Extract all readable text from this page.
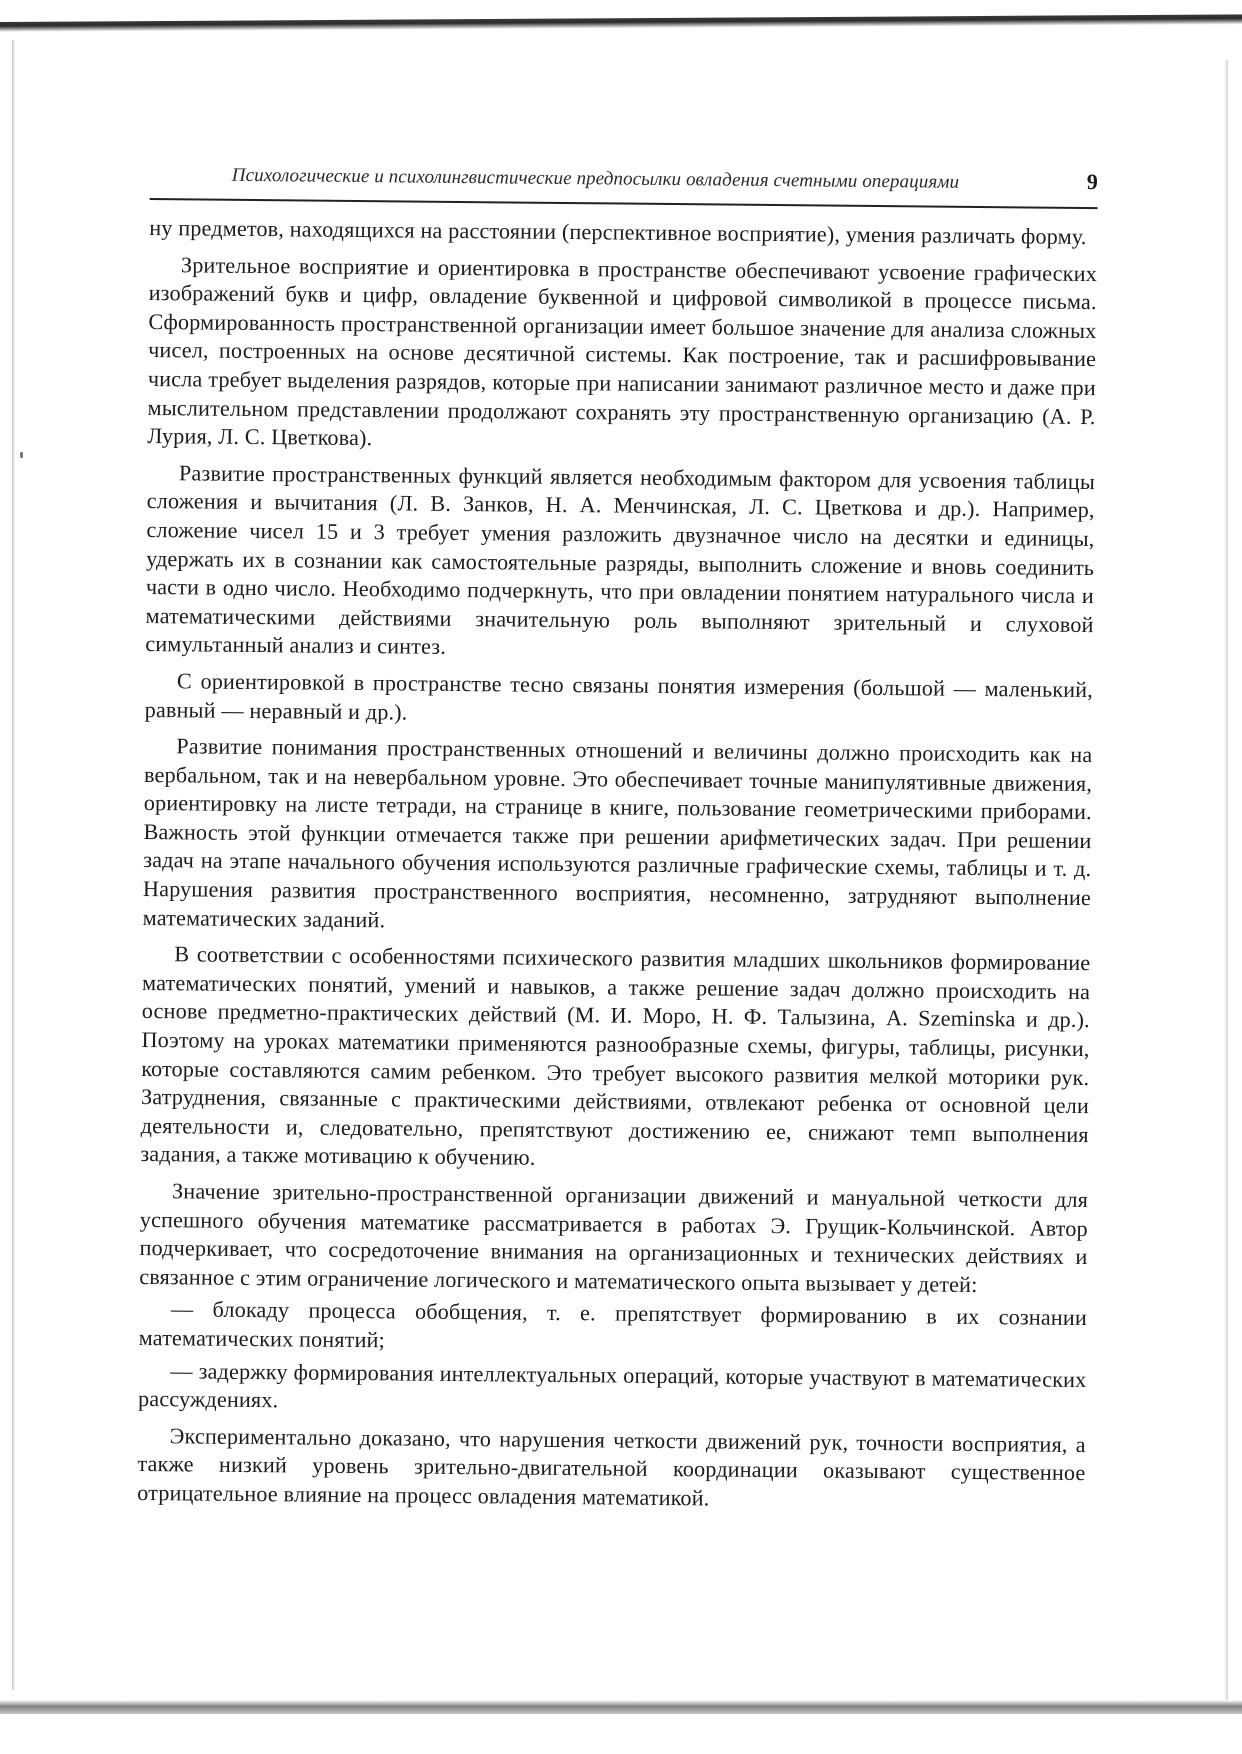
Психологические и психолингвистические предпосылки овладения счетными операциями	9

ну предметов, находящихся на расстоянии (перспективное восприятие), умения различать форму.

Зрительное восприятие и ориентировка в пространстве обеспечивают усвоение графических изображений букв и цифр, овладение буквенной и цифровой символикой в процессе письма. Сформированность пространственной организации имеет большое значение для анализа сложных чисел, построенных на основе десятичной системы. Как построение, так и расшифровывание числа требует выделения разрядов, которые при написании занимают различное место и даже при мыслительном представлении продолжают сохранять эту пространственную организацию (А. Р. Лурия, Л. С. Цветкова).

Развитие пространственных функций является необходимым фактором для усвоения таблицы сложения и вычитания (Л. В. Занков, Н. А. Менчинская, Л. С. Цветкова и др.). Например, сложение чисел 15 и 3 требует умения разложить двузначное число на десятки и единицы, удержать их в сознании как самостоятельные разряды, выполнить сложение и вновь соединить части в одно число. Необходимо подчеркнуть, что при овладении понятием натурального числа и математическими действиями значительную роль выполняют зрительный и слуховой симультанный анализ и синтез.

С ориентировкой в пространстве тесно связаны понятия измерения (большой — маленький, равный — неравный и др.).

Развитие понимания пространственных отношений и величины должно происходить как на вербальном, так и на невербальном уровне. Это обеспечивает точные манипулятивные движения, ориентировку на листе тетради, на странице в книге, пользование геометрическими приборами. Важность этой функции отмечается также при решении арифметических задач. При решении задач на этапе начального обучения используются различные графические схемы, таблицы и т. д. Нарушения развития пространственного восприятия, несомненно, затрудняют выполнение математических заданий.

В соответствии с особенностями психического развития младших школьников формирование математических понятий, умений и навыков, а также решение задач должно происходить на основе предметно-практических действий (М. И. Моро, Н. Ф. Талызина, A. Szeminska и др.). Поэтому на уроках математики применяются разнообразные схемы, фигуры, таблицы, рисунки, которые составляются самим ребенком. Это требует высокого развития мелкой моторики рук. Затруднения, связанные с практическими действиями, отвлекают ребенка от основной цели деятельности и, следовательно, препятствуют достижению ее, снижают темп выполнения задания, а также мотивацию к обучению.

Значение зрительно-пространственной организации движений и мануальной четкости для успешного обучения математике рассматривается в работах Э. Грущик-Кольчинской. Автор подчеркивает, что сосредоточение внимания на организационных и технических действиях и связанное с этим ограничение логического и математического опыта вызывает у детей:

— блокаду процесса обобщения, т. е. препятствует формированию в их сознании математических понятий;

— задержку формирования интеллектуальных операций, которые участвуют в математических рассуждениях.

Экспериментально доказано, что нарушения четкости движений рук, точности восприятия, а также низкий уровень зрительно-двигательной координации оказывают существенное отрицательное влияние на процесс овладения математикой.
